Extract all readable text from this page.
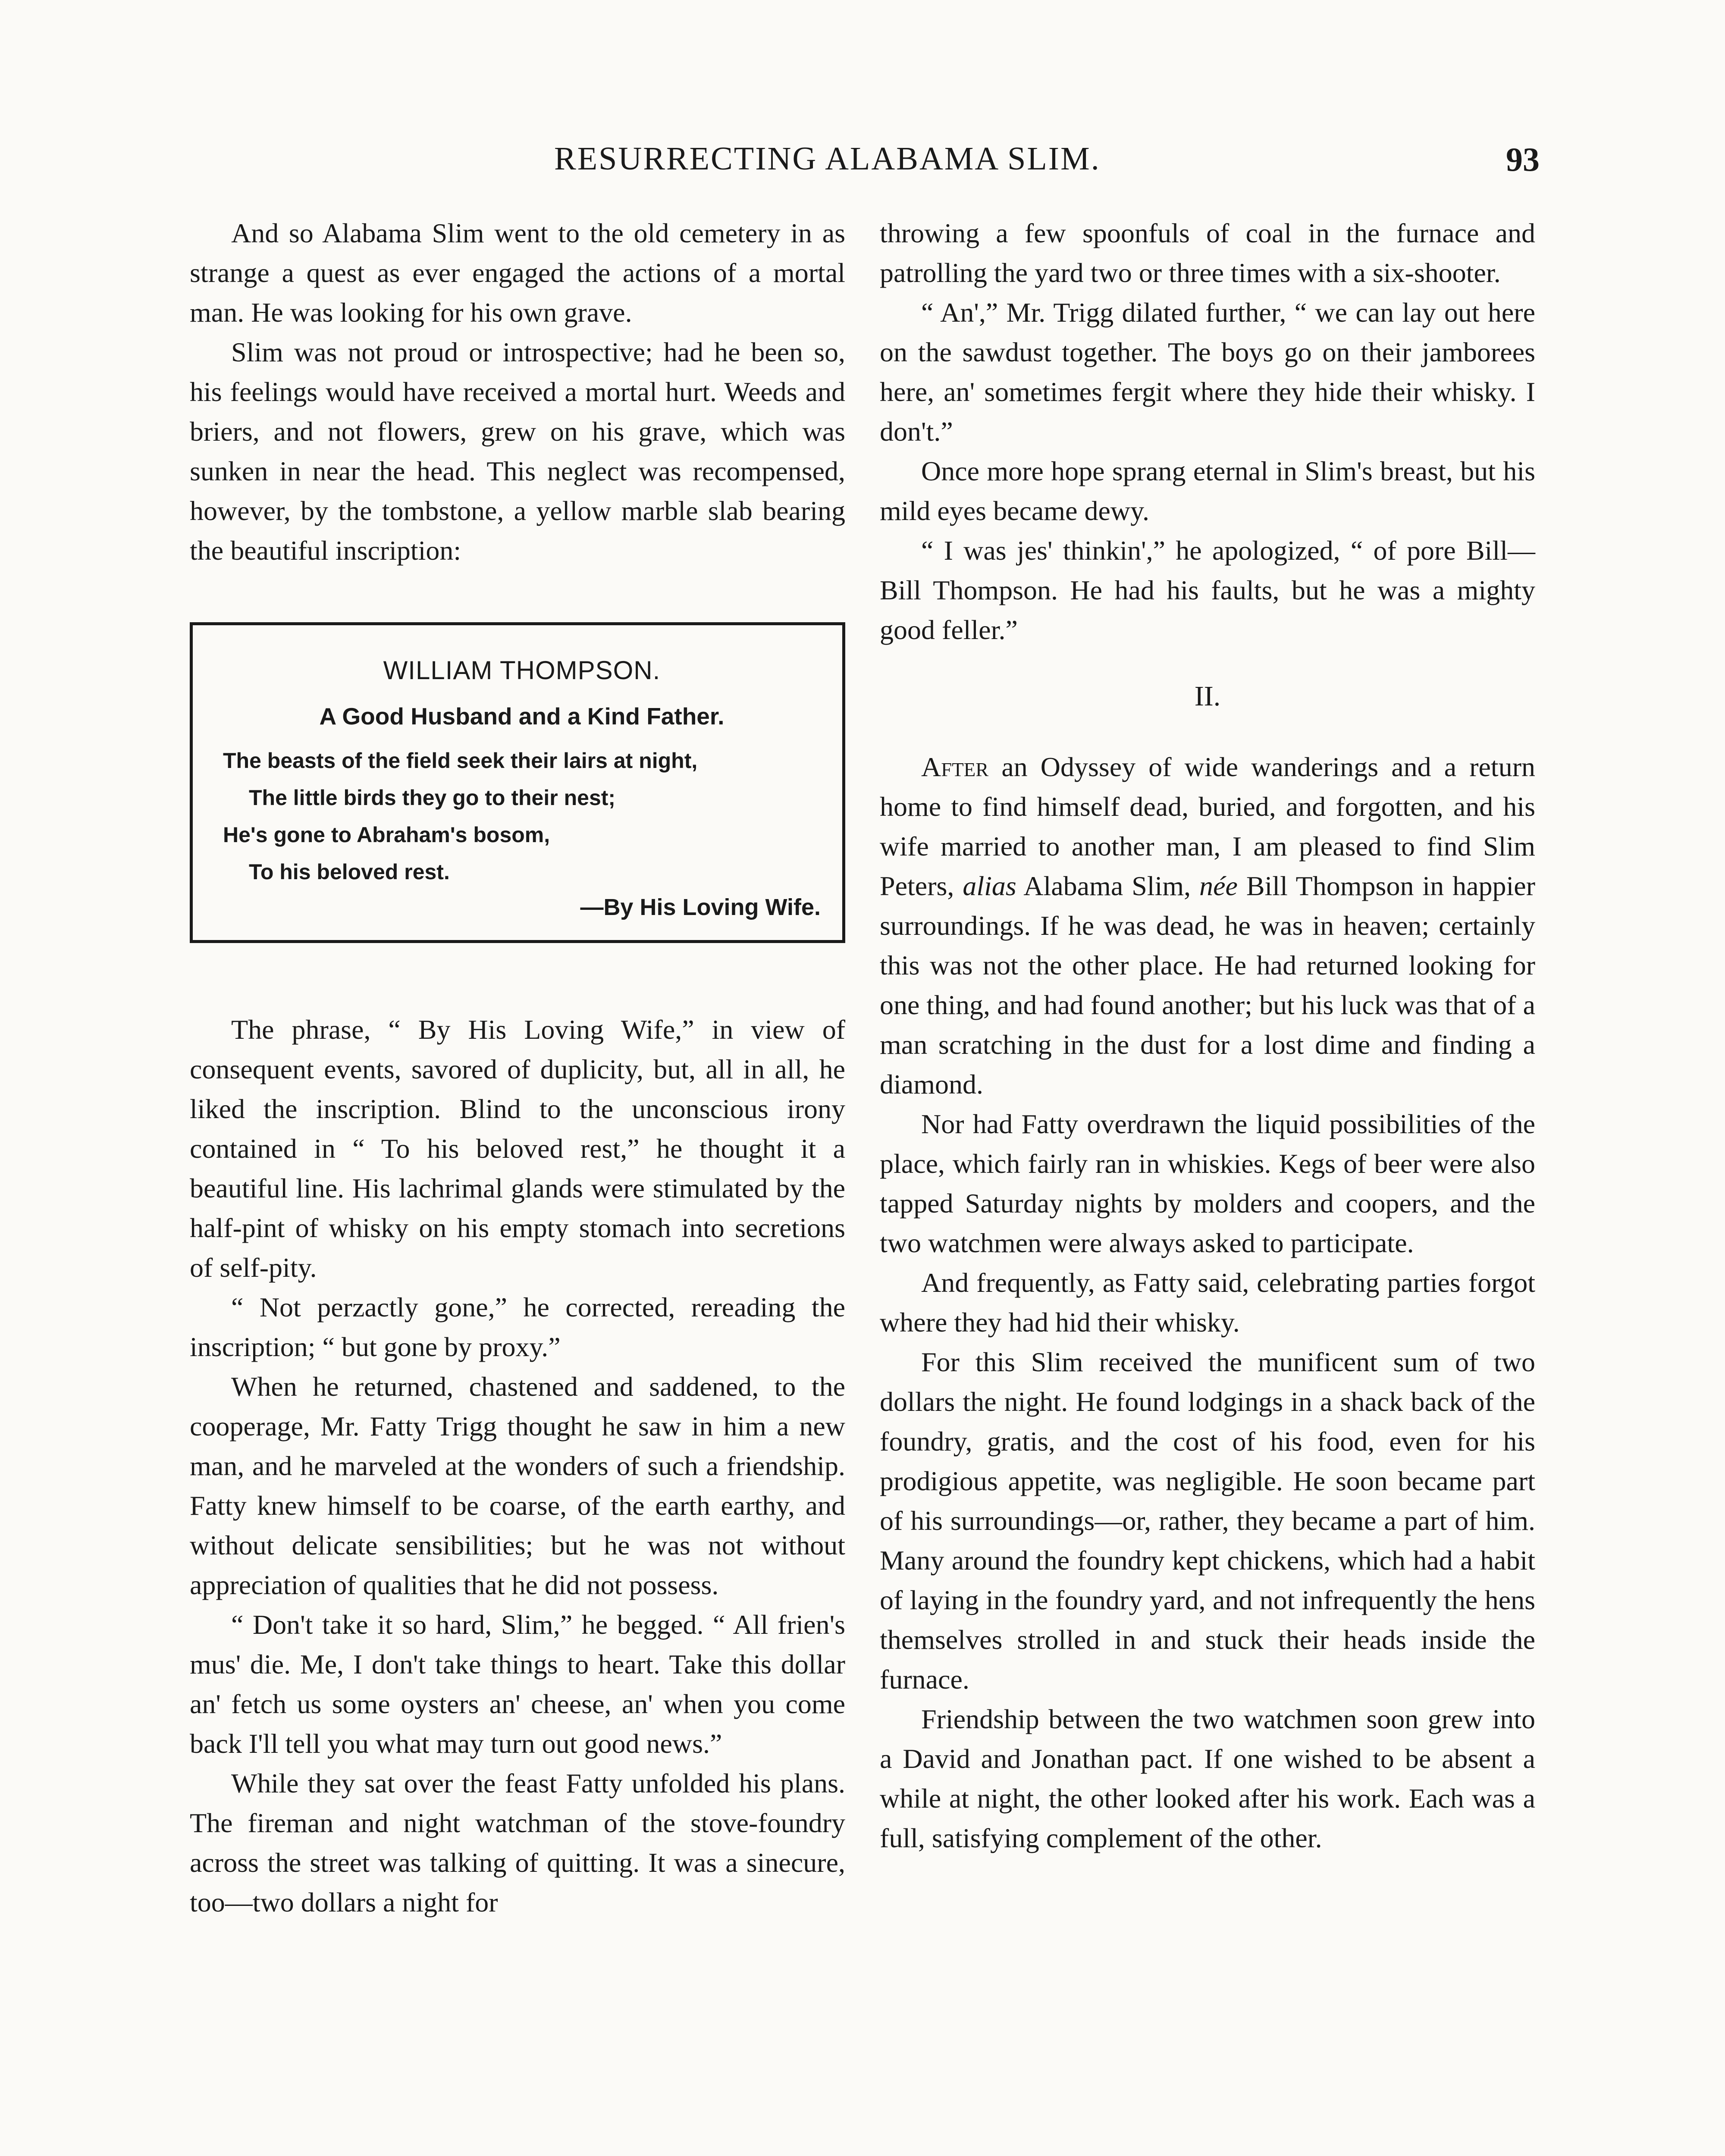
RESURRECTING ALABAMA SLIM.	93

And so Alabama Slim went to the old cemetery in as strange a quest as ever engaged the actions of a mortal man. He was looking for his own grave.

Slim was not proud or introspective; had he been so, his feelings would have received a mortal hurt. Weeds and briers, and not flowers, grew on his grave, which was sunken in near the head. This neglect was recompensed, however, by the tombstone, a yellow marble slab bearing the beautiful inscription:

WILLIAM THOMPSON.
A Good Husband and a Kind Father.
The beasts of the field seek their lairs at night,
The little birds they go to their nest;
He's gone to Abraham's bosom,
To his beloved rest.
—By His Loving Wife.

The phrase, “ By His Loving Wife,” in view of consequent events, savored of duplicity, but, all in all, he liked the inscription. Blind to the unconscious irony contained in “ To his beloved rest,” he thought it a beautiful line. His lachrimal glands were stimulated by the half-pint of whisky on his empty stomach into secretions of self-pity.

“ Not perzactly gone,” he corrected, rereading the inscription; “ but gone by proxy.”

When he returned, chastened and saddened, to the cooperage, Mr. Fatty Trigg thought he saw in him a new man, and he marveled at the wonders of such a friendship. Fatty knew himself to be coarse, of the earth earthy, and without delicate sensibilities; but he was not without appreciation of qualities that he did not possess.

“ Don't take it so hard, Slim,” he begged. “ All frien's mus' die. Me, I don't take things to heart. Take this dollar an' fetch us some oysters an' cheese, an' when you come back I'll tell you what may turn out good news.”

While they sat over the feast Fatty unfolded his plans. The fireman and night watchman of the stove-foundry across the street was talking of quitting. It was a sinecure, too—two dollars a night for

throwing a few spoonfuls of coal in the furnace and patrolling the yard two or three times with a six-shooter.

“ An',” Mr. Trigg dilated further, “ we can lay out here on the sawdust together. The boys go on their jamborees here, an' sometimes fergit where they hide their whisky. I don't.”

Once more hope sprang eternal in Slim's breast, but his mild eyes became dewy.

“ I was jes' thinkin',” he apologized, “ of pore Bill—Bill Thompson. He had his faults, but he was a mighty good feller.”

II.

After an Odyssey of wide wanderings and a return home to find himself dead, buried, and forgotten, and his wife married to another man, I am pleased to find Slim Peters, alias Alabama Slim, née Bill Thompson in happier surroundings. If he was dead, he was in heaven; certainly this was not the other place. He had returned looking for one thing, and had found another; but his luck was that of a man scratching in the dust for a lost dime and finding a diamond.

Nor had Fatty overdrawn the liquid possibilities of the place, which fairly ran in whiskies. Kegs of beer were also tapped Saturday nights by molders and coopers, and the two watchmen were always asked to participate.

And frequently, as Fatty said, celebrating parties forgot where they had hid their whisky.

For this Slim received the munificent sum of two dollars the night. He found lodgings in a shack back of the foundry, gratis, and the cost of his food, even for his prodigious appetite, was negligible. He soon became part of his surroundings—or, rather, they became a part of him. Many around the foundry kept chickens, which had a habit of laying in the foundry yard, and not infrequently the hens themselves strolled in and stuck their heads inside the furnace.

Friendship between the two watchmen soon grew into a David and Jonathan pact. If one wished to be absent a while at night, the other looked after his work. Each was a full, satisfying complement of the other.
